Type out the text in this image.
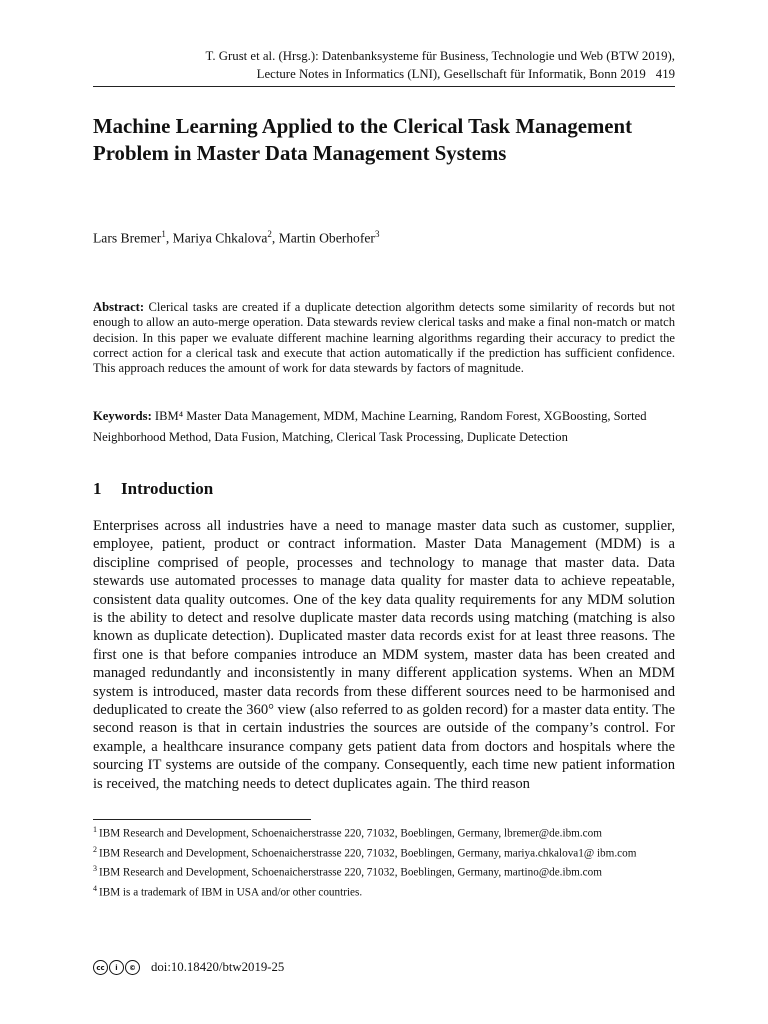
T. Grust et al. (Hrsg.): Datenbanksysteme für Business, Technologie und Web (BTW 2019),
Lecture Notes in Informatics (LNI), Gesellschaft für Informatik, Bonn 2019 419
Machine Learning Applied to the Clerical Task Management Problem in Master Data Management Systems
Lars Bremer$^1$, Mariya Chkalova$^2$, Martin Oberhofer$^3$

Abstract: Clerical tasks are created if a duplicate detection algorithm detects some similarity of records but not enough to allow an auto-merge operation. Data stewards review clerical tasks and make a final non-match or match decision. In this paper we evaluate different machine learning algorithms regarding their accuracy to predict the correct action for a clerical task and execute that action automatically if the prediction has sufficient confidence. This approach reduces the amount of work for data stewards by factors of magnitude.

Keywords: IBM⁴ Master Data Management, MDM, Machine Learning, Random Forest, XGBoosting, Sorted Neighborhood Method, Data Fusion, Matching, Clerical Task Processing, Duplicate Detection

1 Introduction

Enterprises across all industries have a need to manage master data such as customer, supplier, employee, patient, product or contract information. Master Data Management (MDM) is a discipline comprised of people, processes and technology to manage that master data. Data stewards use automated processes to manage data quality for master data to achieve repeatable, consistent data quality outcomes. One of the key data quality requirements for any MDM solution is the ability to detect and resolve duplicate master data records using matching (matching is also known as duplicate detection). Duplicated master data records exist for at least three reasons. The first one is that before companies introduce an MDM system, master data has been created and managed redundantly and inconsistently in many different application systems. When an MDM system is introduced, master data records from these different sources need to be harmonised and deduplicated to create the 360° view (also referred to as golden record) for a master data entity. The second reason is that in certain industries the sources are outside of the company’s control. For example, a healthcare insurance company gets patient data from doctors and hospitals where the sourcing IT systems are outside of the company. Consequently, each time new patient information is received, the matching needs to detect duplicates again. The third reason

$^1$ IBM Research and Development, Schoenaicherstrasse 220, 71032, Boeblingen, Germany, lbremer@de.ibm.com
$^2$ IBM Research and Development, Schoenaicherstrasse 220, 71032, Boeblingen, Germany, mariya.chkalova1@ ibm.com
$^3$ IBM Research and Development, Schoenaicherstrasse 220, 71032, Boeblingen, Germany, martino@de.ibm.com
$^4$ IBM is a trademark of IBM in USA and/or other countries.
cc	i	©	doi:10.18420/btw2019-25
